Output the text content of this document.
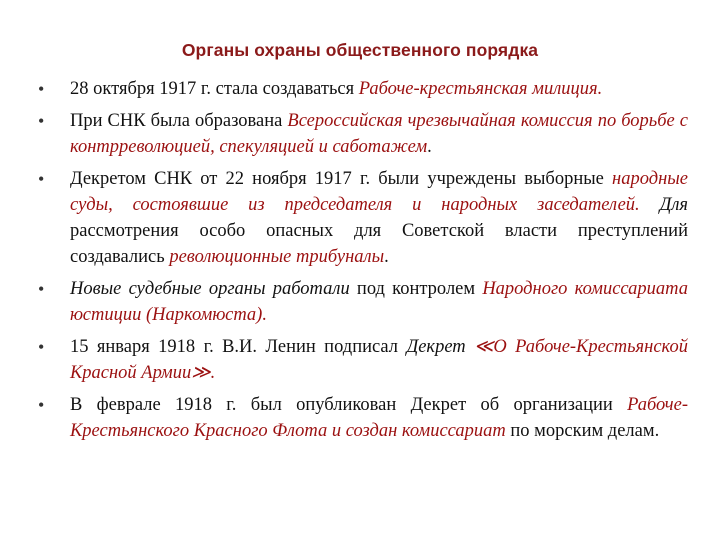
Органы охраны общественного порядка
• 28 октября 1917 г. стала создаваться Рабоче-крестьянская милиция.
• При СНК была образована Всероссийская чрезвычайная комиссия по борьбе с контрреволюцией, спекуляцией и саботажем.
• Декретом СНК от 22 ноября 1917 г. были учреждены выборные народные суды, состоявшие из председателя и народных заседателей. Для рассмотрения особо опасных для Советской власти преступлений создавались революционные трибуналы.
• Новые судебные органы работали под контролем Народного комиссариата юстиции (Наркомюста).
• 15 января 1918 г. В.И. Ленин подписал Декрет ≪О Рабоче-Крестьянской Красной Армии≫.
• В феврале 1918 г. был опубликован Декрет об организации Рабоче-Крестьянского Красного Флота и создан комиссариат по морским делам.
